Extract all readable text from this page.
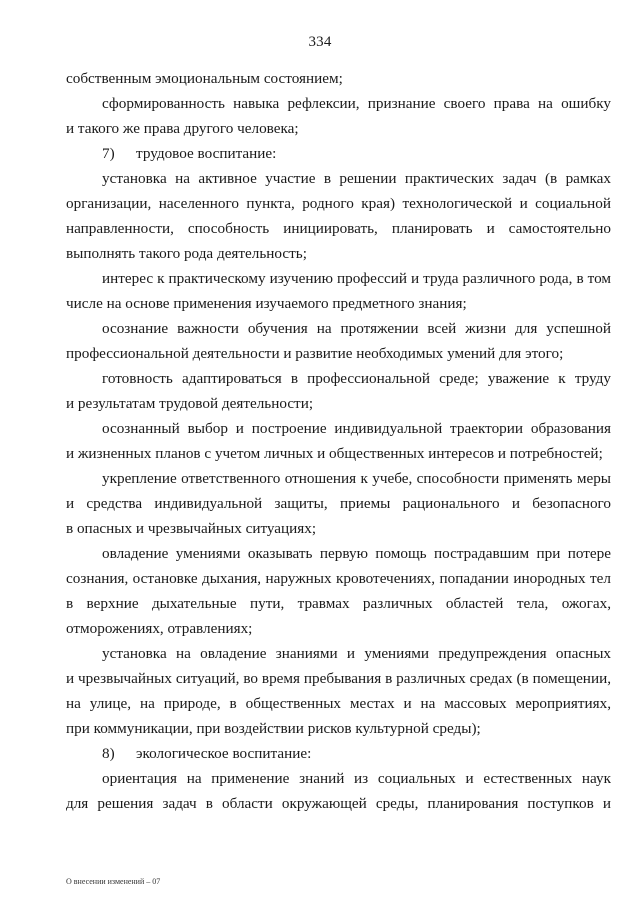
334
собственным эмоциональным состоянием;
сформированность навыка рефлексии, признание своего права на ошибку
и такого же права другого человека;
7) трудовое воспитание:
установка на активное участие в решении практических задач (в рамках
организации, населенного пункта, родного края) технологической и социальной
направленности, способность инициировать, планировать и самостоятельно
выполнять такого рода деятельность;
интерес к практическому изучению профессий и труда различного рода, в том
числе на основе применения изучаемого предметного знания;
осознание важности обучения на протяжении всей жизни для успешной
профессиональной деятельности и развитие необходимых умений для этого;
готовность адаптироваться в профессиональной среде; уважение к труду
и результатам трудовой деятельности;
осознанный выбор и построение индивидуальной траектории образования
и жизненных планов с учетом личных и общественных интересов и потребностей;
укрепление ответственного отношения к учебе, способности применять меры
и средства индивидуальной защиты, приемы рационального и безопасного
в опасных и чрезвычайных ситуациях;
овладение умениями оказывать первую помощь пострадавшим при потере
сознания, остановке дыхания, наружных кровотечениях, попадании инородных тел
в верхние дыхательные пути, травмах различных областей тела, ожогах,
отморожениях, отравлениях;
установка на овладение знаниями и умениями предупреждения опасных
и чрезвычайных ситуаций, во время пребывания в различных средах (в помещении,
на улице, на природе, в общественных местах и на массовых мероприятиях,
при коммуникации, при воздействии рисков культурной среды);
8) экологическое воспитание:
ориентация на применение знаний из социальных и естественных наук
для решения задач в области окружающей среды, планирования поступков и
О внесении изменений – 07
